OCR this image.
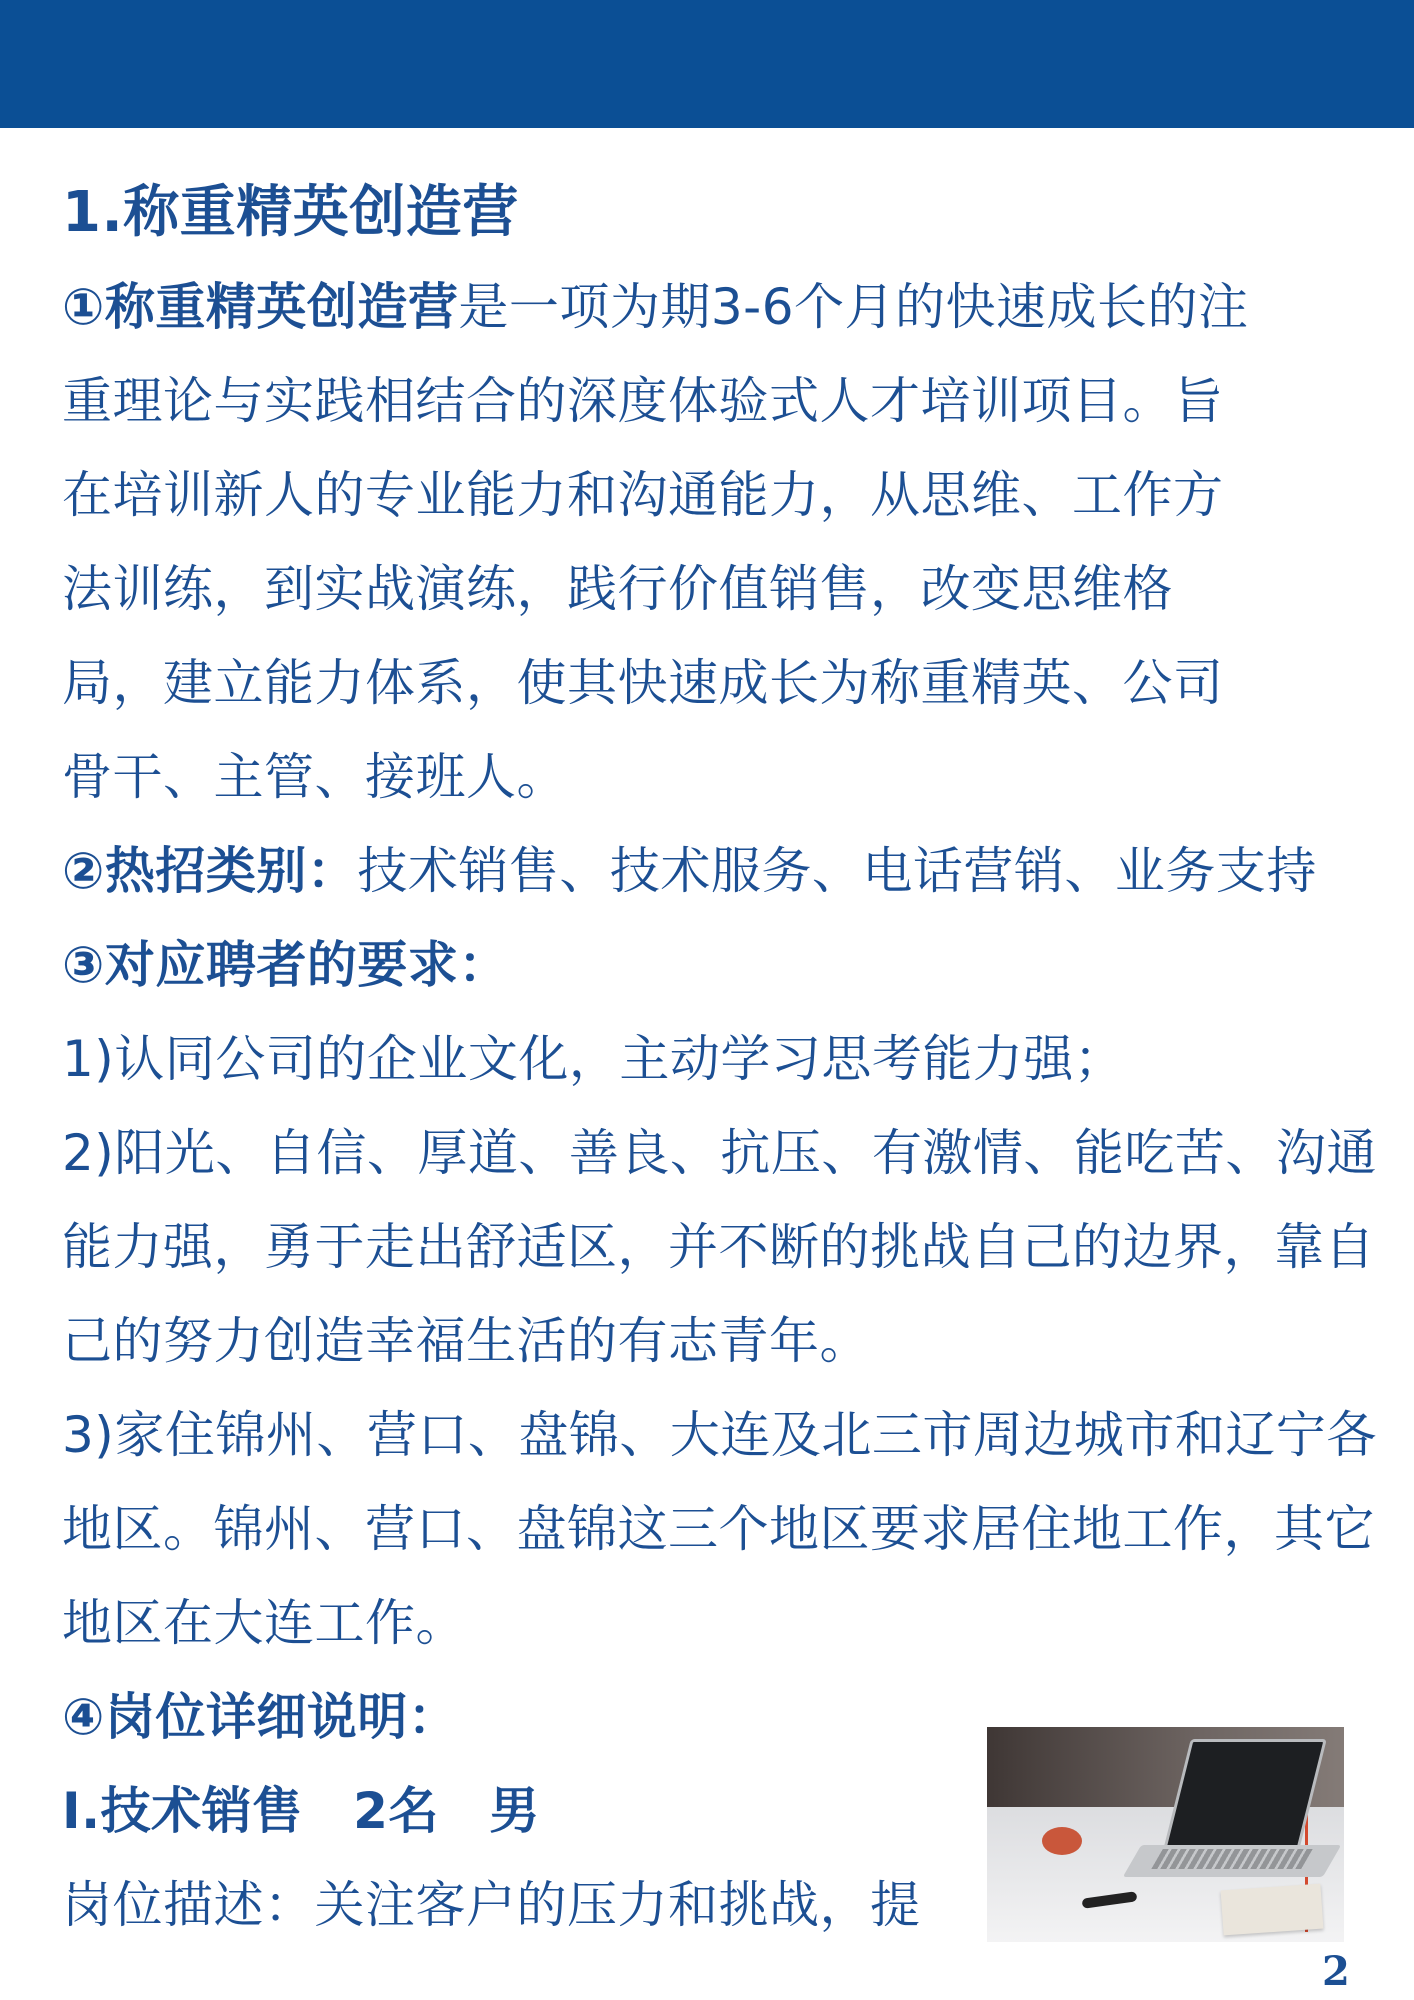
1.称重精英创造营

①称重精英创造营是一项为期3-6个月的快速成长的注

重理论与实践相结合的深度体验式人才培训项目。旨

在培训新人的专业能力和沟通能力，从思维、工作方

法训练，到实战演练，践行价值销售，改变思维格

局，建立能力体系，使其快速成长为称重精英、公司

骨干、主管、接班人。

②热招类别：技术销售、技术服务、电话营销、业务支持

③对应聘者的要求：

1)认同公司的企业文化，主动学习思考能力强；

2)阳光、自信、厚道、善良、抗压、有激情、能吃苦、沟通

能力强，勇于走出舒适区，并不断的挑战自己的边界，靠自

己的努力创造幸福生活的有志青年。

3)家住锦州、营口、盘锦、大连及北三市周边城市和辽宁各

地区。锦州、营口、盘锦这三个地区要求居住地工作，其它

地区在大连工作。

④岗位详细说明：

I.技术销售　2名　男

岗位描述：关注客户的压力和挑战，提

2
